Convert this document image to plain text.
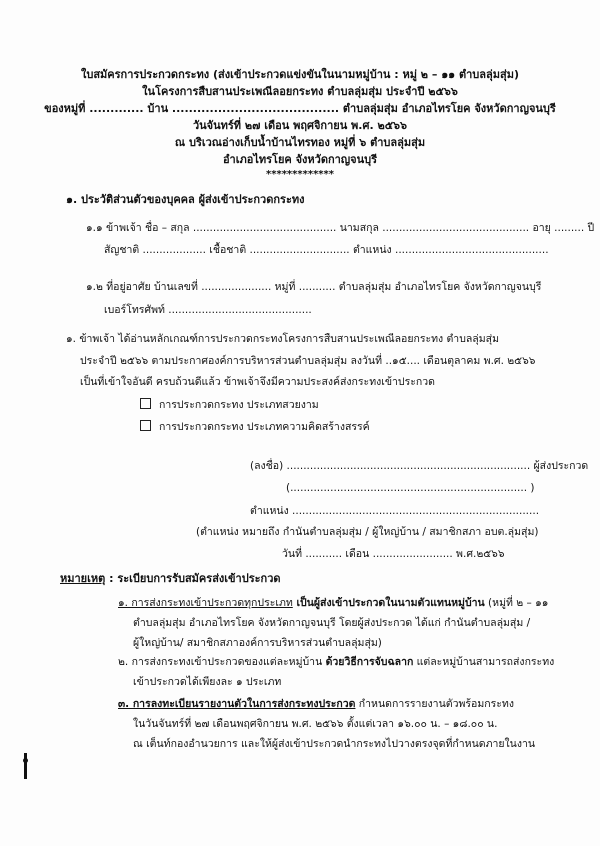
ใบสมัครการประกวดกระทง (ส่งเข้าประกวดแข่งขันในนามหมู่บ้าน : หมู่ ๒ – ๑๑ ตำบลลุ่มสุ่ม)
ในโครงการสืบสานประเพณีลอยกระทง ตำบลลุ่มสุ่ม ประจำปี ๒๕๖๖
ของหมู่ที่ ............. บ้าน ........................................ ตำบลลุ่มสุ่ม อำเภอไทรโยค จังหวัดกาญจนบุรี
วันจันทร์ที่ ๒๗ เดือน พฤศจิกายน พ.ศ. ๒๕๖๖
ณ บริเวณอ่างเก็บน้ำบ้านไทรทอง หมู่ที่ ๖ ตำบลลุ่มสุ่ม
อำเภอไทรโยค จังหวัดกาญจนบุรี
*************
๑. ประวัติส่วนตัวของบุคคล ผู้ส่งเข้าประกวดกระทง
๑.๑ ข้าพเจ้า ชื่อ – สกุล ........................................... นามสกุล ............................................ อายุ ......... ปี
สัญชาติ ................... เชื้อชาติ .............................. ตำแหน่ง ..............................................
๑.๒ ที่อยู่อาศัย บ้านเลขที่ ..................... หมู่ที่ ........... ตำบลลุ่มสุ่ม อำเภอไทรโยค จังหวัดกาญจนบุรี
เบอร์โทรศัพท์ ...........................................
๑. ข้าพเจ้า ได้อ่านหลักเกณฑ์การประกวดกระทงโครงการสืบสานประเพณีลอยกระทง ตำบลลุ่มสุ่ม
ประจำปี ๒๕๖๖ ตามประกาศองค์การบริหารส่วนตำบลลุ่มสุ่ม ลงวันที่ ..๑๕.... เดือนตุลาคม พ.ศ. ๒๕๖๖
เป็นที่เข้าใจอันดี ครบถ้วนดีแล้ว ข้าพเจ้าจึงมีความประสงค์ส่งกระทงเข้าประกวด
การประกวดกระทง ประเภทสวยงาม
การประกวดกระทง ประเภทความคิดสร้างสรรค์
(ลงชื่อ) ......................................................................... ผู้ส่งประกวด
(....................................................................... )
ตำแหน่ง ..........................................................................
(ตำแหน่ง หมายถึง กำนันตำบลลุ่มสุ่ม / ผู้ใหญ่บ้าน / สมาชิกสภา อบต.ลุ่มสุ่ม)
วันที่ ........... เดือน ........................ พ.ศ.๒๕๖๖
หมายเหตุ : ระเบียบการรับสมัครส่งเข้าประกวด
๑. การส่งกระทงเข้าประกวดทุกประเภท เป็นผู้ส่งเข้าประกวดในนามตัวแทนหมู่บ้าน (หมู่ที่ ๒ – ๑๑
ตำบลลุ่มสุ่ม อำเภอไทรโยค จังหวัดกาญจนบุรี โดยผู้ส่งประกวด ได้แก่ กำนันตำบลลุ่มสุ่ม /
ผู้ใหญ่บ้าน/ สมาชิกสภาองค์การบริหารส่วนตำบลลุ่มสุ่ม)
๒. การส่งกระทงเข้าประกวดของแต่ละหมู่บ้าน ด้วยวิธีการจับฉลาก แต่ละหมู่บ้านสามารถส่งกระทง
เข้าประกวดได้เพียงละ ๑ ประเภท
๓. การลงทะเบียนรายงานตัวในการส่งกระทงประกวด กำหนดการรายงานตัวพร้อมกระทง
ในวันจันทร์ที่ ๒๗ เดือนพฤศจิกายน พ.ศ. ๒๕๖๖ ตั้งแต่เวลา ๑๖.๐๐ น. – ๑๘.๐๐ น.
ณ เต็นท์กองอำนวยการ และให้ผู้ส่งเข้าประกวดนำกระทงไปวางตรงจุดที่กำหนดภายในงาน
